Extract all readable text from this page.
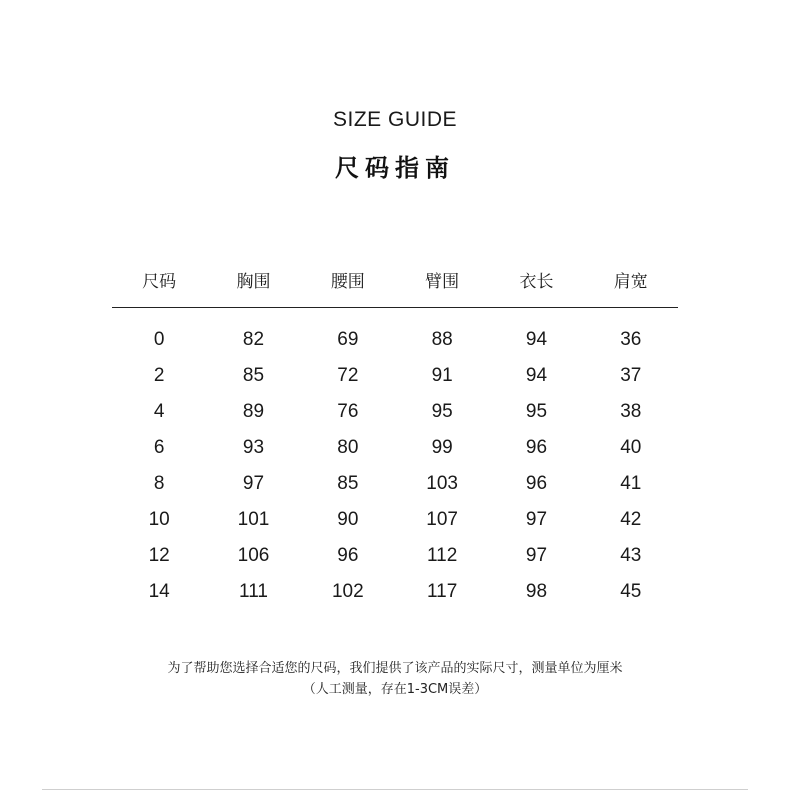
SIZE GUIDE
尺码指南
尺码	胸围	腰围	臂围	衣长	肩宽
0	82	69	88	94	36
2	85	72	91	94	37
4	89	76	95	95	38
6	93	80	99	96	40
8	97	85	103	96	41
10	101	90	107	97	42
12	106	96	112	97	43
14	111	102	117	98	45
为了帮助您选择合适您的尺码，我们提供了该产品的实际尺寸，测量单位为厘米
（人工测量，存在1-3CM误差）
